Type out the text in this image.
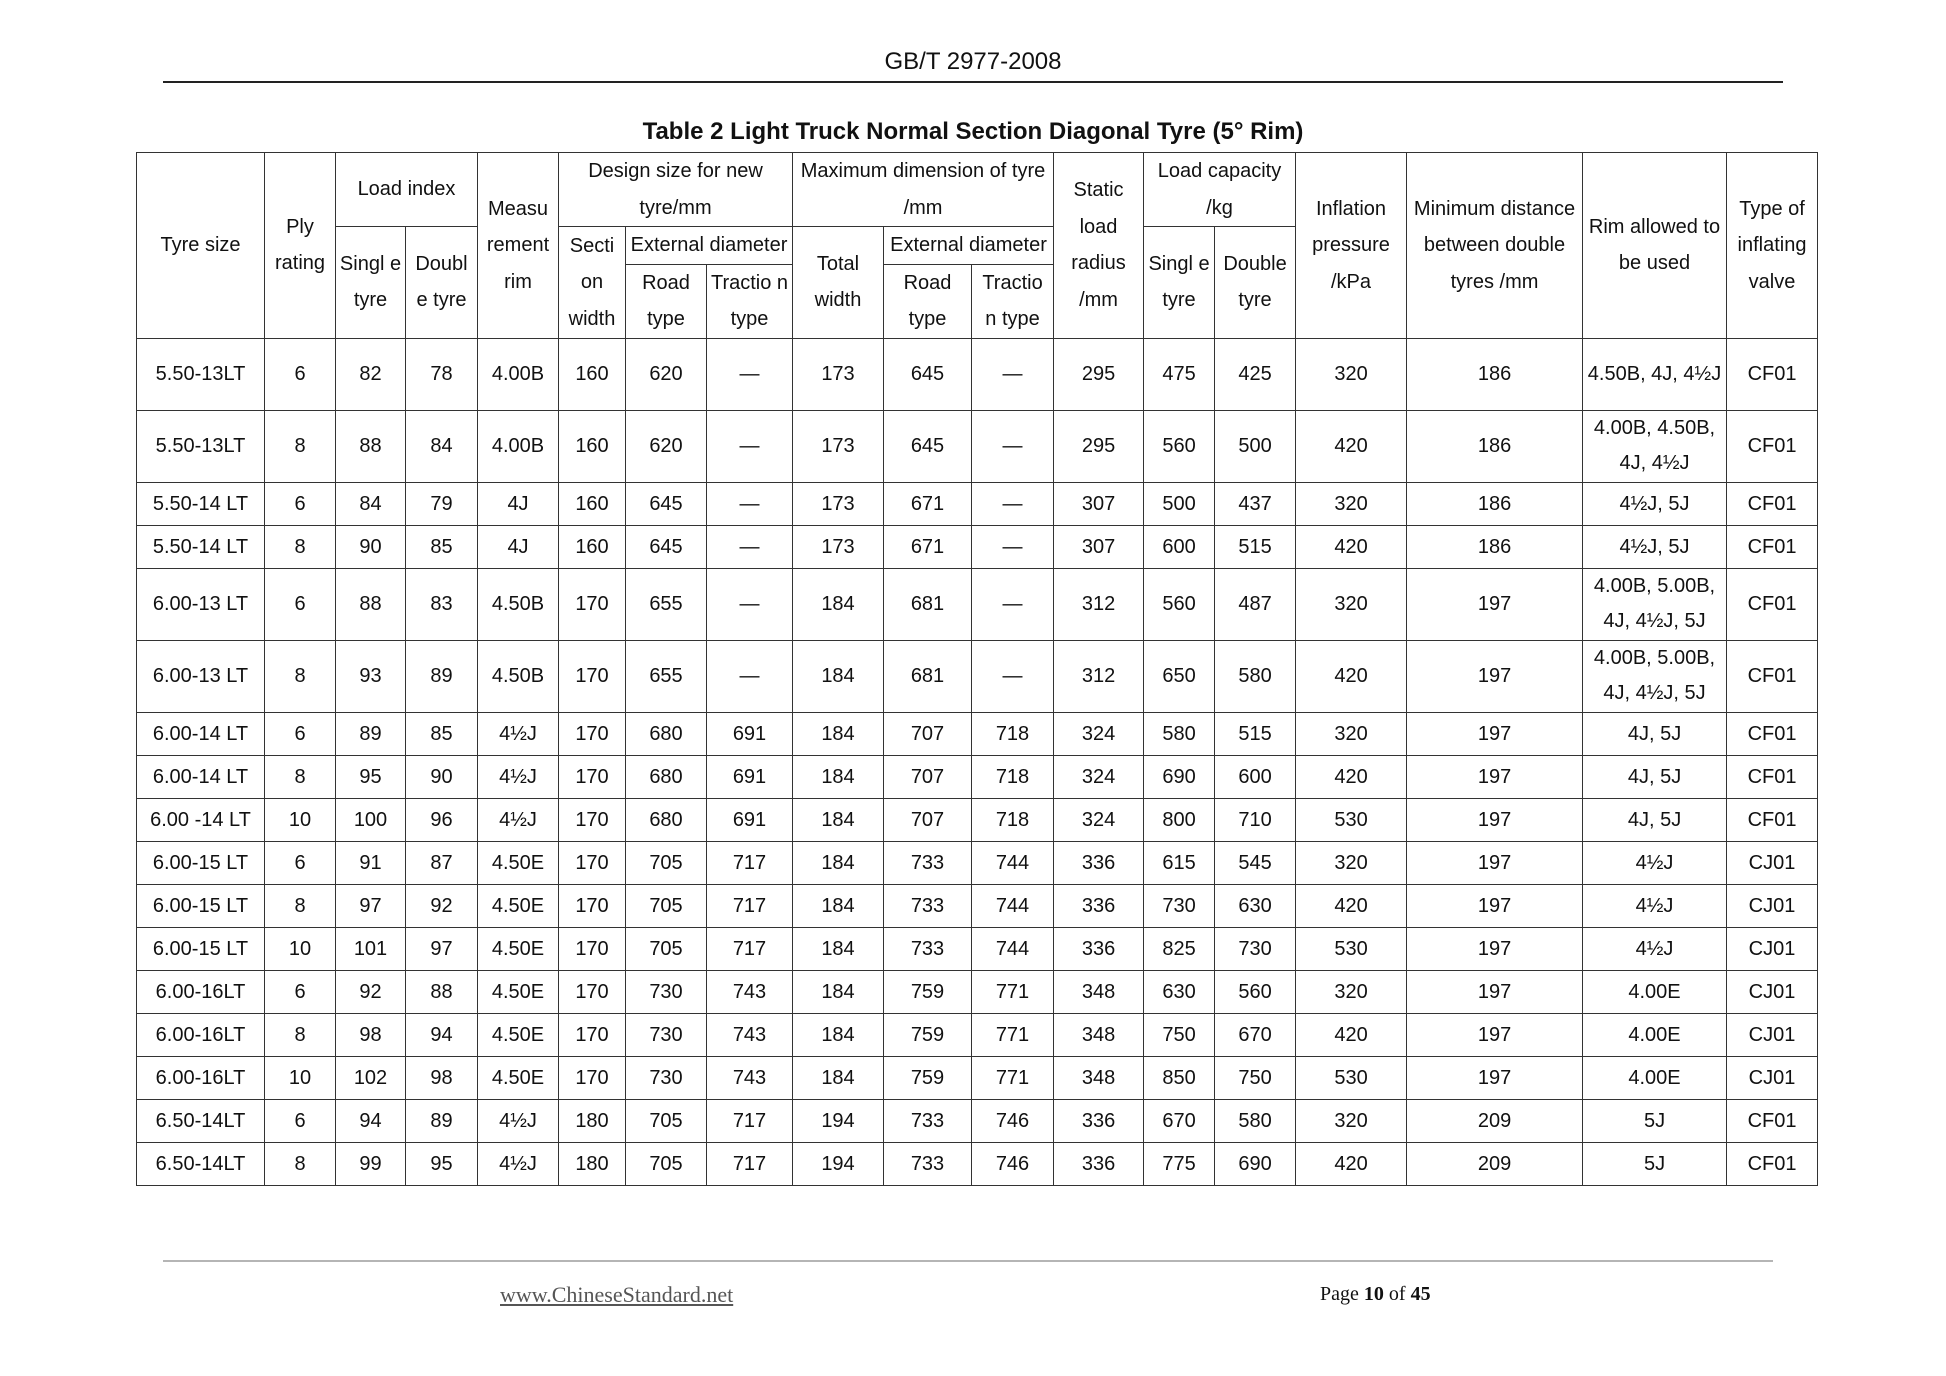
GB/T 2977-2008
Table 2 Light Truck Normal Section Diagonal Tyre (5° Rim)
Tyre size	Ply rating	Load index		Measu rement rim	Design size for new tyre/mm			Maximum dimension of tyre /mm			Static load radius /mm	Load capacity /kg		Inflation pressure /kPa	Minimum distance between double tyres /mm	Rim allowed to be used	Type of inflating valve

		Singl e tyre	Doubl e tyre		Secti on width	External diameter		Total width	External diameter			Singl e tyre	Double tyre				
						Road type	Tractio n type		Road type	Tractio n type							

5.50-13LT	6	82	78	4.00B	160	620	—	173	645	—	295	475	425	320	186	4.50B, 4J, 4½J	CF01
5.50-13LT	8	88	84	4.00B	160	620	—	173	645	—	295	560	500	420	186	4.00B, 4.50B, 4J, 4½J	CF01
5.50-14 LT	6	84	79	4J	160	645	—	173	671	—	307	500	437	320	186	4½J, 5J	CF01
5.50-14 LT	8	90	85	4J	160	645	—	173	671	—	307	600	515	420	186	4½J, 5J	CF01
6.00-13 LT	6	88	83	4.50B	170	655	—	184	681	—	312	560	487	320	197	4.00B, 5.00B, 4J, 4½J, 5J	CF01
6.00-13 LT	8	93	89	4.50B	170	655	—	184	681	—	312	650	580	420	197	4.00B, 5.00B, 4J, 4½J, 5J	CF01
6.00-14 LT	6	89	85	4½J	170	680	691	184	707	718	324	580	515	320	197	4J, 5J	CF01
6.00-14 LT	8	95	90	4½J	170	680	691	184	707	718	324	690	600	420	197	4J, 5J	CF01
6.00 -14 LT	10	100	96	4½J	170	680	691	184	707	718	324	800	710	530	197	4J, 5J	CF01
6.00-15 LT	6	91	87	4.50E	170	705	717	184	733	744	336	615	545	320	197	4½J	CJ01
6.00-15 LT	8	97	92	4.50E	170	705	717	184	733	744	336	730	630	420	197	4½J	CJ01
6.00-15 LT	10	101	97	4.50E	170	705	717	184	733	744	336	825	730	530	197	4½J	CJ01
6.00-16LT	6	92	88	4.50E	170	730	743	184	759	771	348	630	560	320	197	4.00E	CJ01
6.00-16LT	8	98	94	4.50E	170	730	743	184	759	771	348	750	670	420	197	4.00E	CJ01
6.00-16LT	10	102	98	4.50E	170	730	743	184	759	771	348	850	750	530	197	4.00E	CJ01
6.50-14LT	6	94	89	4½J	180	705	717	194	733	746	336	670	580	320	209	5J	CF01
6.50-14LT	8	99	95	4½J	180	705	717	194	733	746	336	775	690	420	209	5J	CF01
www.ChineseStandard.net	Page 10 of 45
